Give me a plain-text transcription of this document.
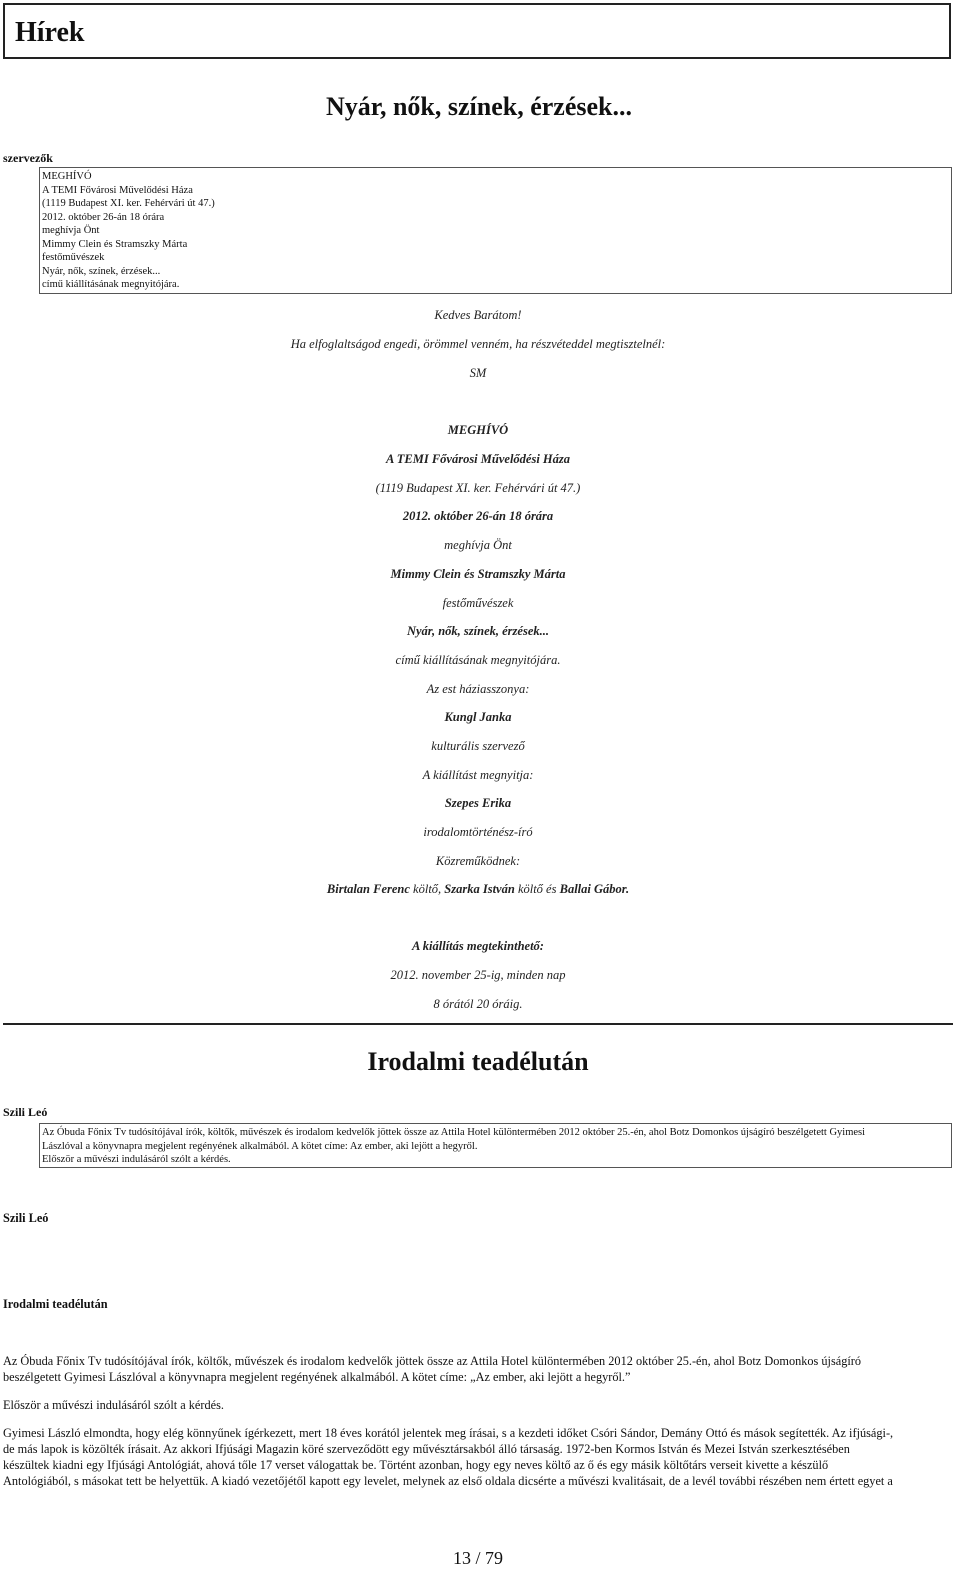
Hírek
Nyár, nők, színek, érzések...

szervezők

MEGHÍVÓ
A TEMI Fővárosi Művelődési Háza
(1119 Budapest XI. ker. Fehérvári út 47.)
2012. október 26-án 18 órára
meghívja Önt
Mimmy Clein és Stramszky Márta
festőművészek
Nyár, nők, színek, érzések...
című kiállításának megnyitójára.

Kedves Barátom!

Ha elfoglaltságod engedi, örömmel venném, ha részvéteddel megtisztelnél:

SM

MEGHÍVÓ

A TEMI Fővárosi Művelődési Háza

(1119 Budapest XI. ker. Fehérvári út 47.)

2012. október 26-án 18 órára

meghívja Önt

Mimmy Clein és Stramszky Márta

festőművészek

Nyár, nők, színek, érzések...

című kiállításának megnyitójára.

Az est háziasszonya:

Kungl Janka

kulturális szervező

A kiállítást megnyitja:

Szepes Erika

irodalomtörténész-író

Közreműködnek:

Birtalan Ferenc költő, Szarka István költő és Ballai Gábor.

A kiállítás megtekinthető:

2012. november 25-ig, minden nap

8 órától 20 óráig.

Irodalmi teadélután

Szili Leó

Az Óbuda Főnix Tv tudósítójával írók, költők, művészek és irodalom kedvelők jöttek össze az Attila Hotel különtermében 2012 október 25.-én, ahol Botz Domonkos újságíró beszélgetett Gyimesi
Lászlóval a könyvnapra megjelent regényének alkalmából. A kötet címe: Az ember, aki lejött a hegyről.
Először a művészi indulásáról szólt a kérdés.

Szili Leó

Irodalmi teadélután

Az Óbuda Főnix Tv tudósítójával írók, költők, művészek és irodalom kedvelők jöttek össze az Attila Hotel különtermében 2012 október 25.-én, ahol Botz Domonkos újságíró
beszélgetett Gyimesi Lászlóval a könyvnapra megjelent regényének alkalmából. A kötet címe: „Az ember, aki lejött a hegyről.”

Először a művészi indulásáról szólt a kérdés.

Gyimesi László elmondta, hogy elég könnyűnek ígérkezett, mert 18 éves korától jelentek meg írásai, s a kezdeti időket Csóri Sándor, Demány Ottó és mások segítették. Az ifjúsági-,
de más lapok is közölték írásait. Az akkori Ifjúsági Magazin köré szerveződött egy művésztársakból álló társaság. 1972-ben Kormos István és Mezei István szerkesztésében
készültek kiadni egy Ifjúsági Antológiát, ahová tőle 17 verset válogattak be. Történt azonban, hogy egy neves költő az ő és egy másik költőtárs verseit kivette a készülő
Antológiából, s másokat tett be helyettük. A kiadó vezetőjétől kapott egy levelet, melynek az első oldala dicsérte a művészi kvalitásait, de a levél további részében nem értett egyet a

13 / 79
